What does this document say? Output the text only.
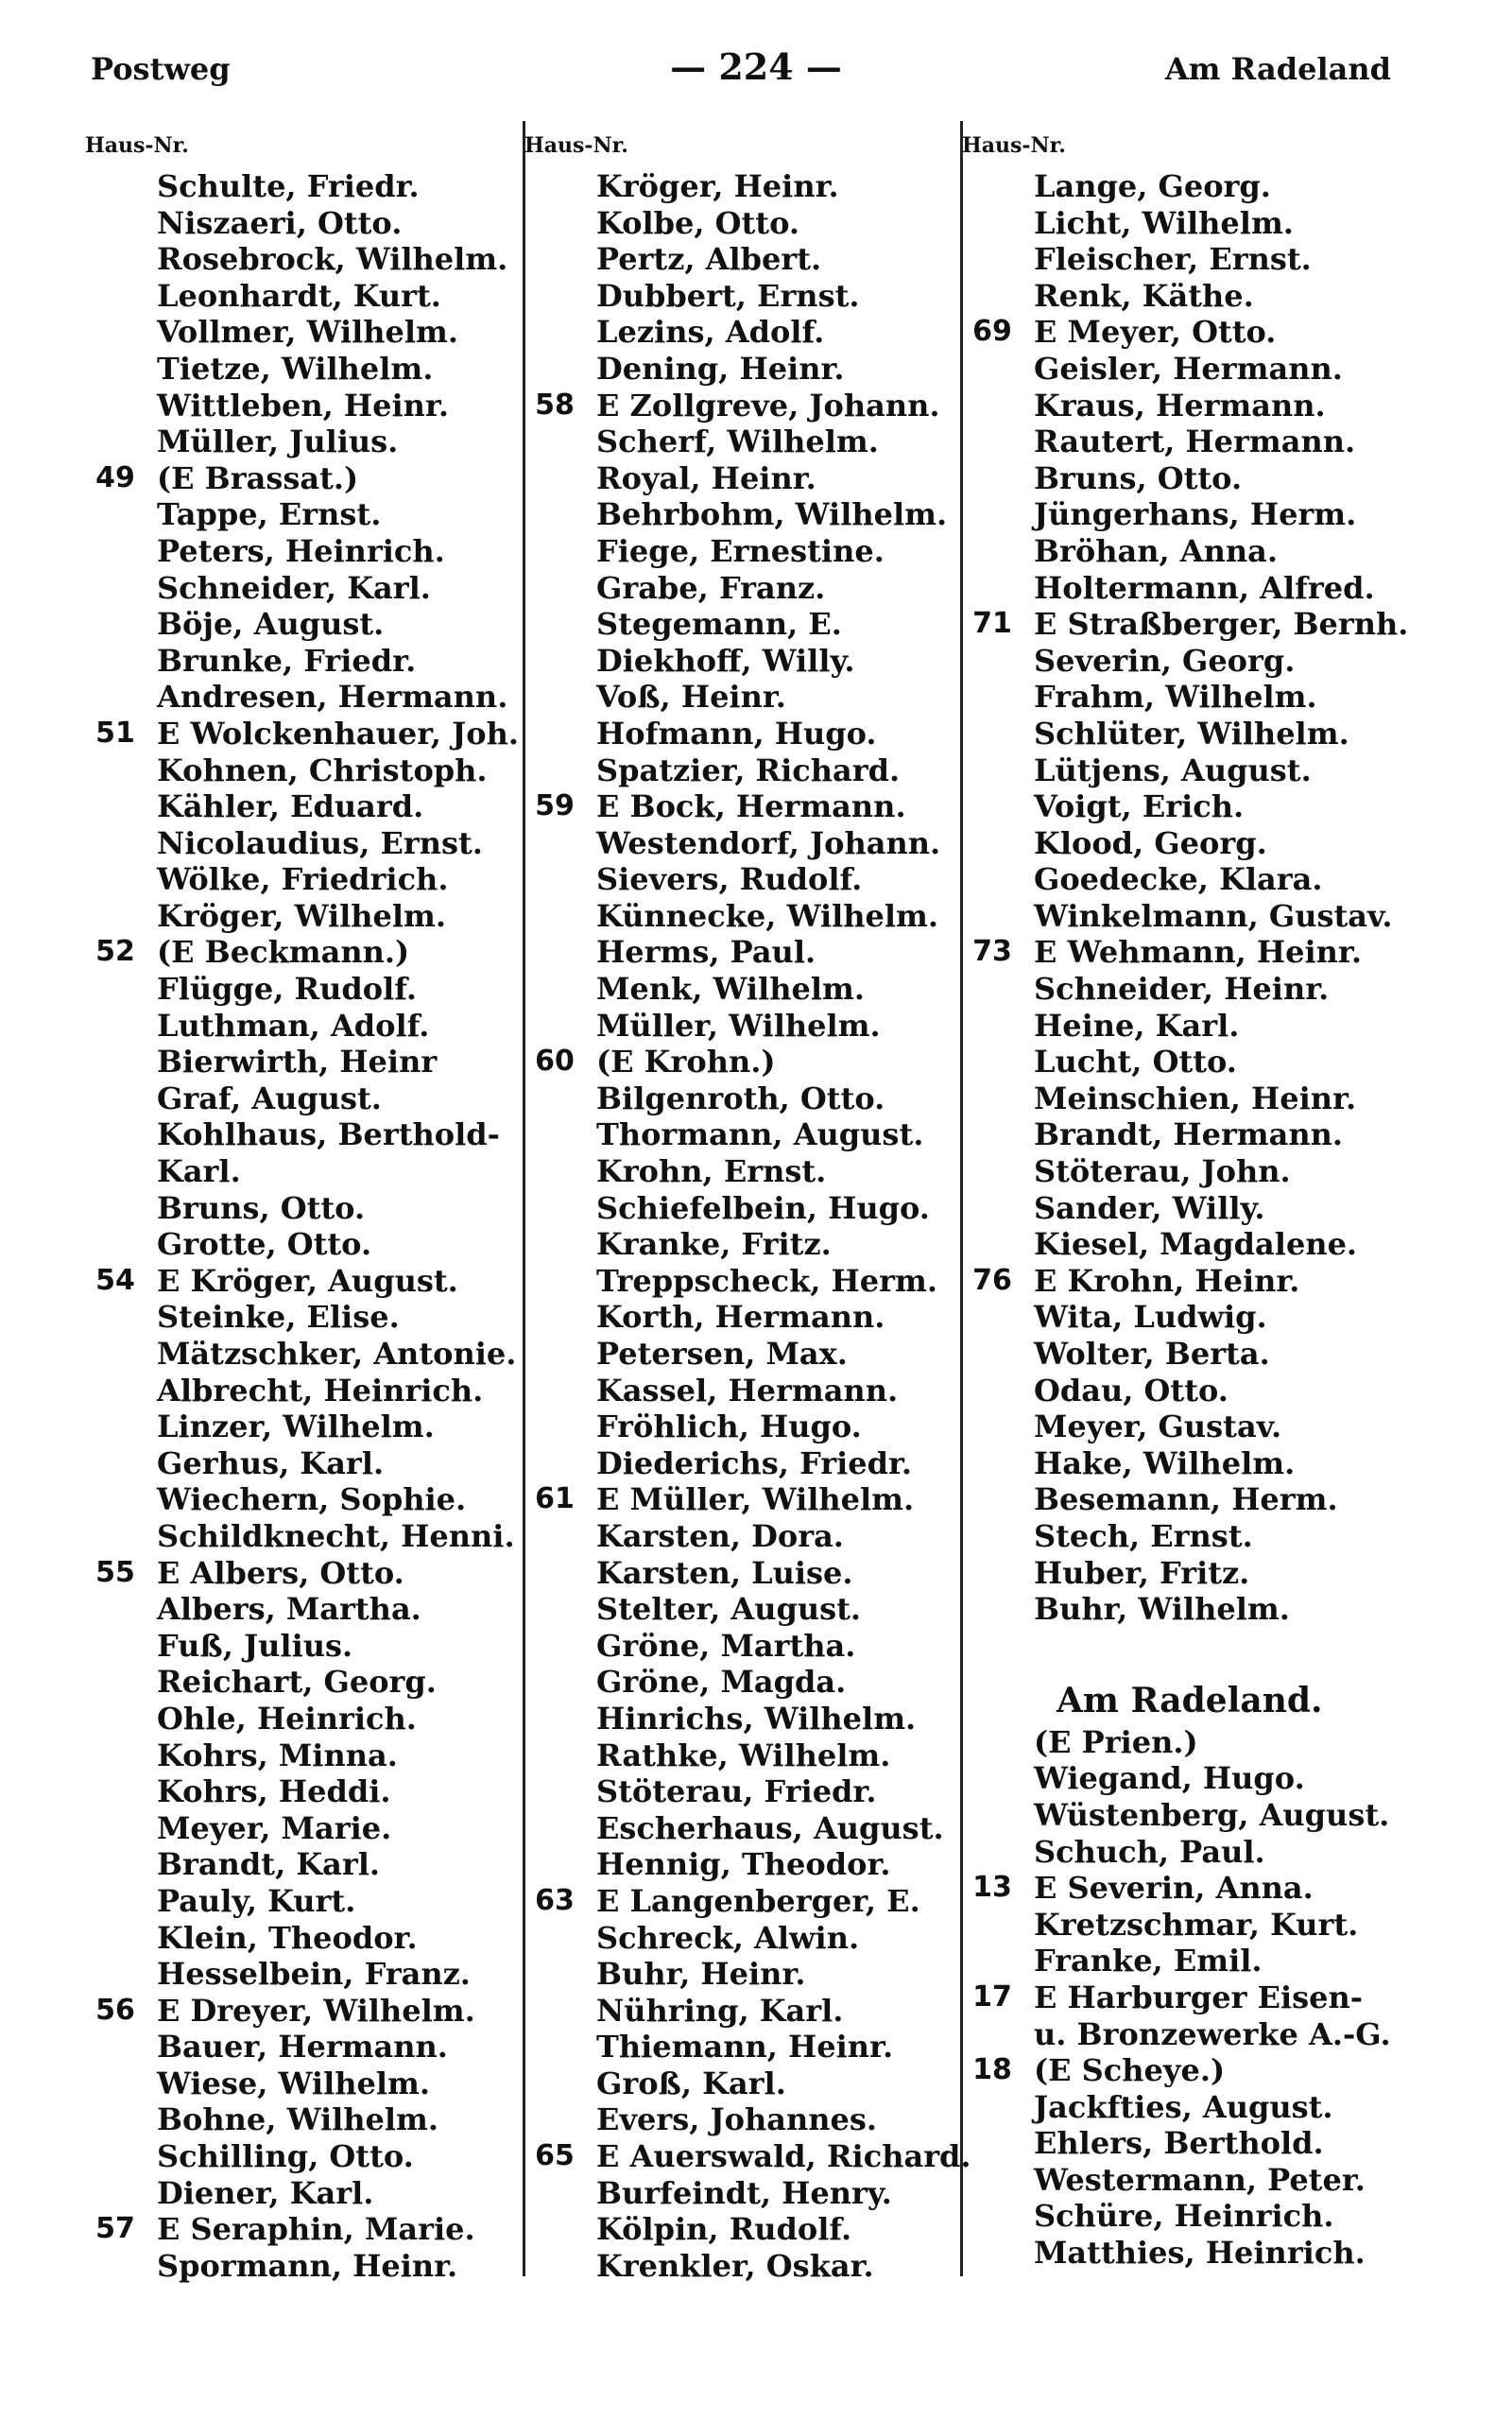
Postweg	— 224 —	Am Radeland
Haus-Nr.
Schulte, Friedr.
Niszaeri, Otto.
Rosebrock, Wilhelm.
Leonhardt, Kurt.
Vollmer, Wilhelm.
Tietze, Wilhelm.
Wittleben, Heinr.
Müller, Julius.
49 (E Brassat.)
Tappe, Ernst.
Peters, Heinrich.
Schneider, Karl.
Böje, August.
Brunke, Friedr.
Andresen, Hermann.
51 E Wolckenhauer, Joh.
Kohnen, Christoph.
Kähler, Eduard.
Nicolaudius, Ernst.
Wölke, Friedrich.
Kröger, Wilhelm.
52 (E Beckmann.)
Flügge, Rudolf.
Luthman, Adolf.
Bierwirth, Heinr
Graf, August.
Kohlhaus, Berthold-
Karl.
Bruns, Otto.
Grotte, Otto.
54 E Kröger, August.
Steinke, Elise.
Mätzschker, Antonie.
Albrecht, Heinrich.
Linzer, Wilhelm.
Gerhus, Karl.
Wiechern, Sophie.
Schildknecht, Henni.
55 E Albers, Otto.
Albers, Martha.
Fuß, Julius.
Reichart, Georg.
Ohle, Heinrich.
Kohrs, Minna.
Kohrs, Heddi.
Meyer, Marie.
Brandt, Karl.
Pauly, Kurt.
Klein, Theodor.
Hesselbein, Franz.
56 E Dreyer, Wilhelm.
Bauer, Hermann.
Wiese, Wilhelm.
Bohne, Wilhelm.
Schilling, Otto.
Diener, Karl.
57 E Seraphin, Marie.
Spormann, Heinr.
Haus-Nr.
Kröger, Heinr.
Kolbe, Otto.
Pertz, Albert.
Dubbert, Ernst.
Lezins, Adolf.
Dening, Heinr.
58 E Zollgreve, Johann.
Scherf, Wilhelm.
Royal, Heinr.
Behrbohm, Wilhelm.
Fiege, Ernestine.
Grabe, Franz.
Stegemann, E.
Diekhoff, Willy.
Voß, Heinr.
Hofmann, Hugo.
Spatzier, Richard.
59 E Bock, Hermann.
Westendorf, Johann.
Sievers, Rudolf.
Künnecke, Wilhelm.
Herms, Paul.
Menk, Wilhelm.
Müller, Wilhelm.
60 (E Krohn.)
Bilgenroth, Otto.
Thormann, August.
Krohn, Ernst.
Schiefelbein, Hugo.
Kranke, Fritz.
Treppscheck, Herm.
Korth, Hermann.
Petersen, Max.
Kassel, Hermann.
Fröhlich, Hugo.
Diederichs, Friedr.
61 E Müller, Wilhelm.
Karsten, Dora.
Karsten, Luise.
Stelter, August.
Gröne, Martha.
Gröne, Magda.
Hinrichs, Wilhelm.
Rathke, Wilhelm.
Stöterau, Friedr.
Escherhaus, August.
Hennig, Theodor.
63 E Langenberger, E.
Schreck, Alwin.
Buhr, Heinr.
Nühring, Karl.
Thiemann, Heinr.
Groß, Karl.
Evers, Johannes.
65 E Auerswald, Richard.
Burfeindt, Henry.
Kölpin, Rudolf.
Krenkler, Oskar.
Haus-Nr.
Lange, Georg.
Licht, Wilhelm.
Fleischer, Ernst.
Renk, Käthe.
69 E Meyer, Otto.
Geisler, Hermann.
Kraus, Hermann.
Rautert, Hermann.
Bruns, Otto.
Jüngerhans, Herm.
Bröhan, Anna.
Holtermann, Alfred.
71 E Straßberger, Bernh.
Severin, Georg.
Frahm, Wilhelm.
Schlüter, Wilhelm.
Lütjens, August.
Voigt, Erich.
Klood, Georg.
Goedecke, Klara.
Winkelmann, Gustav.
73 E Wehmann, Heinr.
Schneider, Heinr.
Heine, Karl.
Lucht, Otto.
Meinschien, Heinr.
Brandt, Hermann.
Stöterau, John.
Sander, Willy.
Kiesel, Magdalene.
76 E Krohn, Heinr.
Wita, Ludwig.
Wolter, Berta.
Odau, Otto.
Meyer, Gustav.
Hake, Wilhelm.
Besemann, Herm.
Stech, Ernst.
Huber, Fritz.
Buhr, Wilhelm.
Am Radeland.
(E Prien.)
Wiegand, Hugo.
Wüstenberg, August.
Schuch, Paul.
13 E Severin, Anna.
Kretzschmar, Kurt.
Franke, Emil.
17 E Harburger Eisen-
u. Bronzewerke A.-G.
18 (E Scheye.)
Jackfties, August.
Ehlers, Berthold.
Westermann, Peter.
Schüre, Heinrich.
Matthies, Heinrich.
